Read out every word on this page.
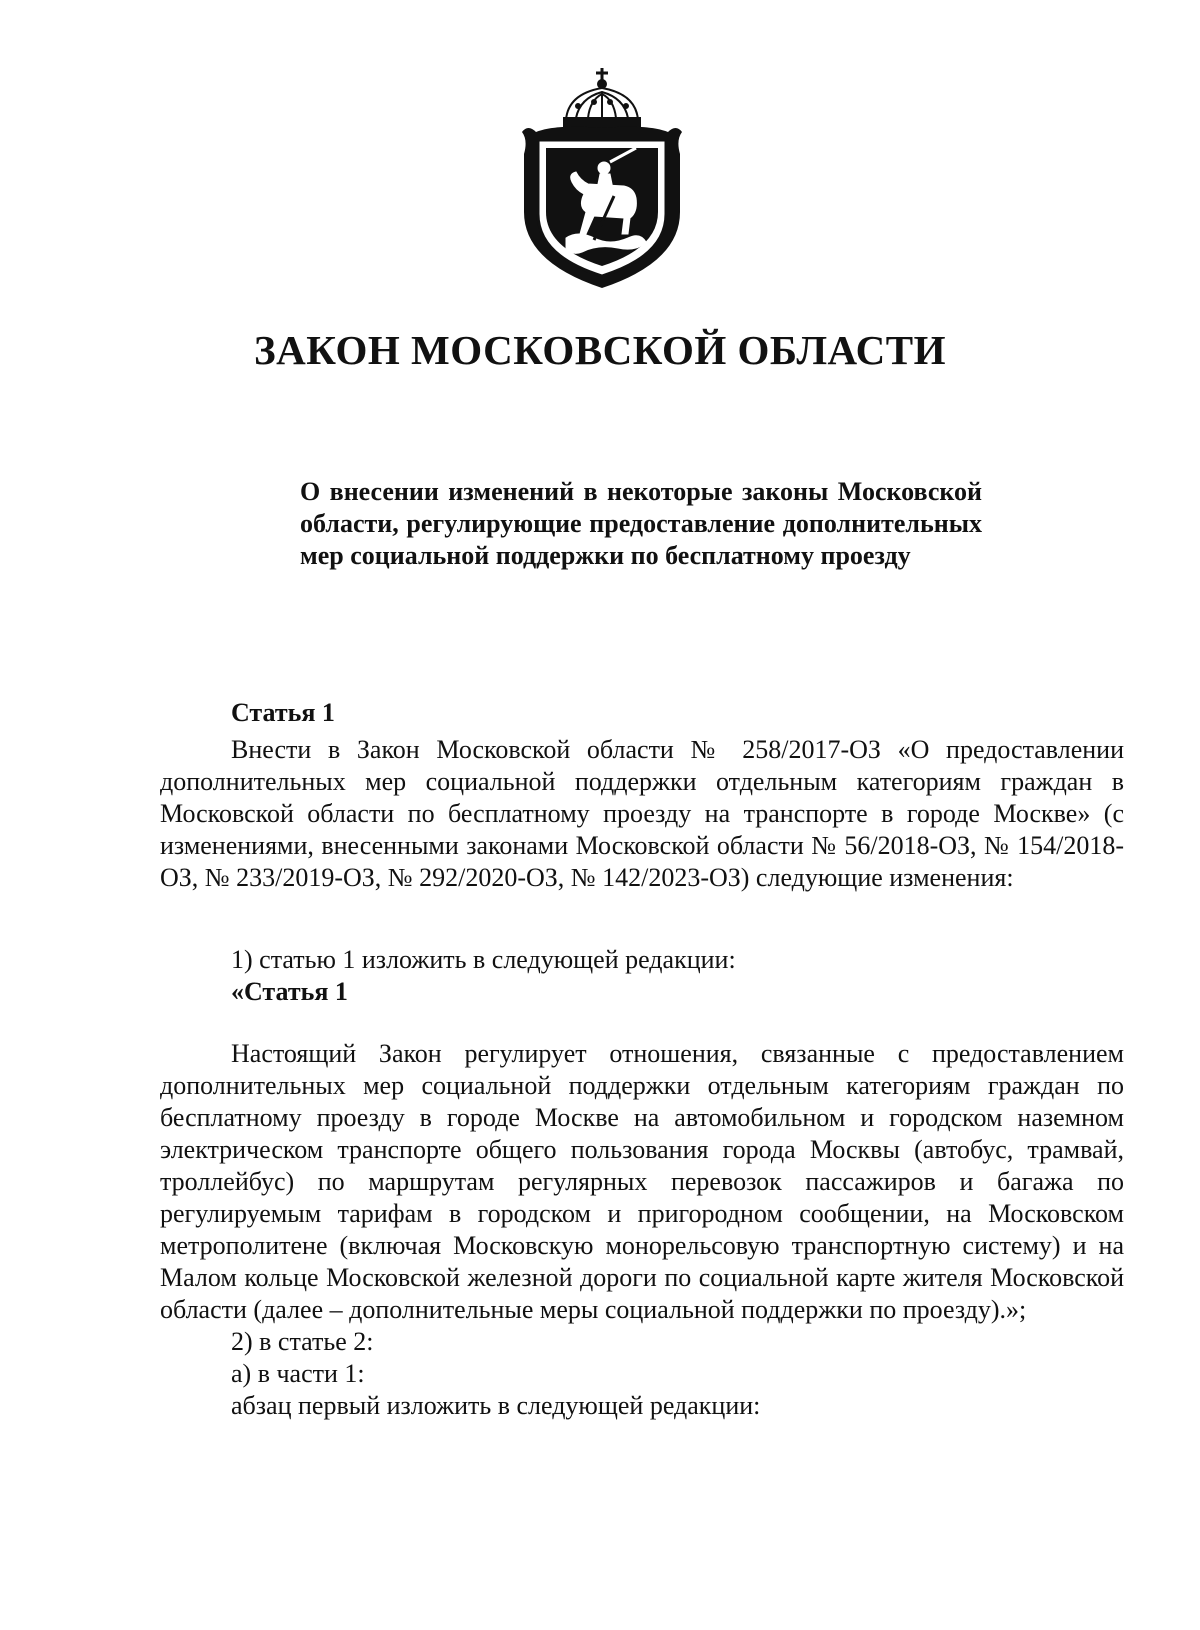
ЗАКОН МОСКОВСКОЙ ОБЛАСТИ

О внесении изменений в некоторые законы Московской области, регулирующие предоставление дополнительных мер социальной поддержки по бесплатному проезду

Статья 1

Внести в Закон Московской области № 258/2017-ОЗ «О предоставлении дополнительных мер социальной поддержки отдельным категориям граждан в Московской области по бесплатному проезду на транспорте в городе Москве» (с изменениями, внесенными законами Московской области № 56/2018-ОЗ, № 154/2018-ОЗ, № 233/2019-ОЗ, № 292/2020-ОЗ, № 142/2023-ОЗ) следующие изменения:

1) статью 1 изложить в следующей редакции:

«Статья 1

Настоящий Закон регулирует отношения, связанные с предоставлением дополнительных мер социальной поддержки отдельным категориям граждан по бесплатному проезду в городе Москве на автомобильном и городском наземном электрическом транспорте общего пользования города Москвы (автобус, трамвай, троллейбус) по маршрутам регулярных перевозок пассажиров и багажа по регулируемым тарифам в городском и пригородном сообщении, на Московском метрополитене (включая Московскую монорельсовую транспортную систему) и на Малом кольце Московской железной дороги по социальной карте жителя Московской области (далее – дополнительные меры социальной поддержки по проезду).»;

2) в статье 2:

а) в части 1:

абзац первый изложить в следующей редакции:
